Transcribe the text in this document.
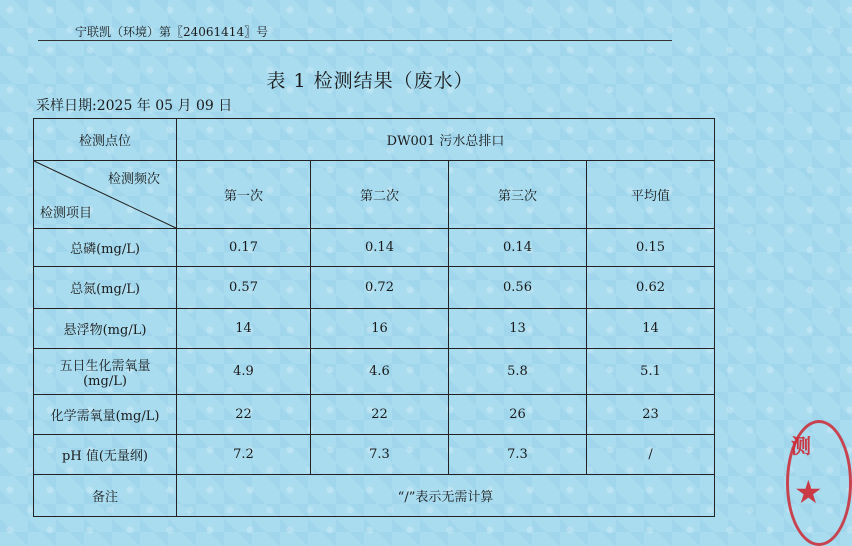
宁联凯（环境）第〖24061414〗号
表 1 检测结果（废水）
采样日期:2025 年 05 月 09 日
检测点位	DW001 污水总排口			

检测频次
检测项目	第一次	第二次	第三次	平均值
总磷(mg/L)	0.17	0.14	0.14	0.15
总氮(mg/L)	0.57	0.72	0.56	0.62
悬浮物(mg/L)	14	16	13	14

五日生化需氧量
(mg/L)	4.9	4.6	5.8	5.1
化学需氧量(mg/L)	22	22	26	23
pH 值(无量纲)	7.2	7.3	7.3	/
备注	“/”表示无需计算			
测
★
